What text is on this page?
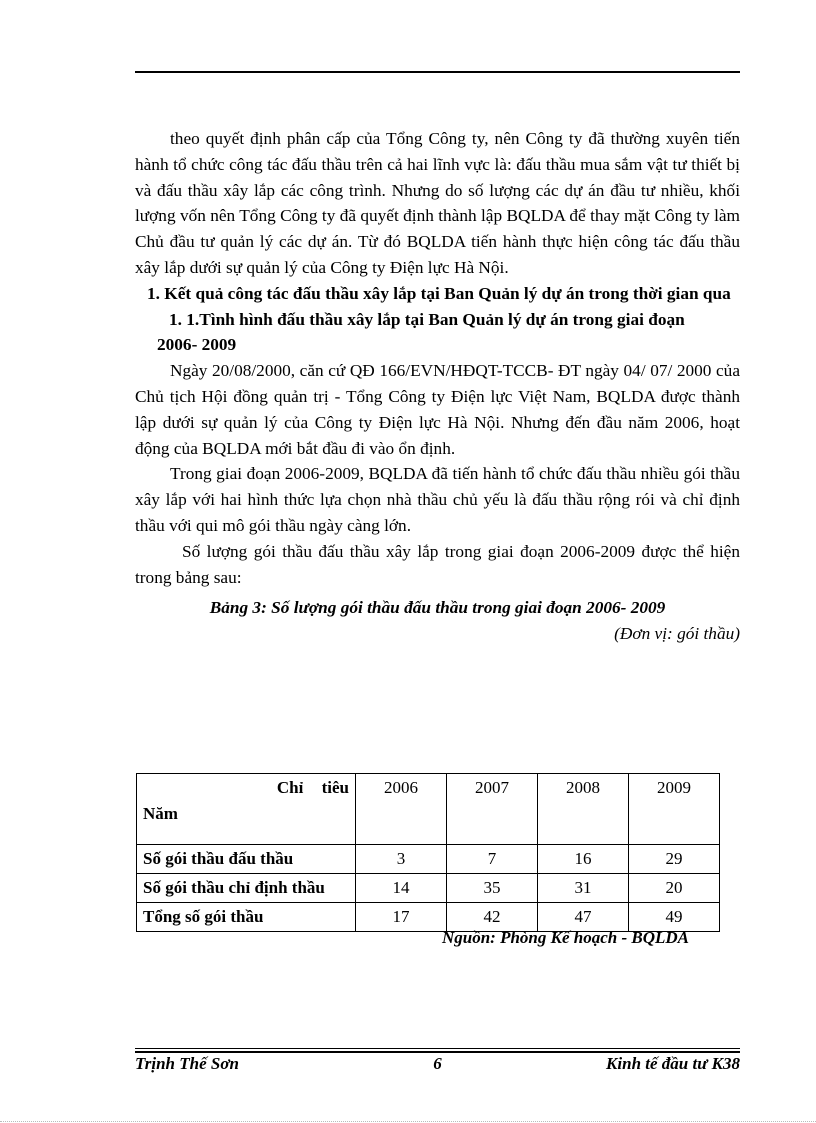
theo quyết định phân cấp của Tổng Công ty, nên Công ty đã thường xuyên tiến hành tổ chức công tác đấu thầu trên cả hai lĩnh vực là: đấu thầu mua sắm vật tư thiết bị và đấu thầu xây lắp các công trình. Nhưng do số lượng các dự án đầu tư nhiều, khối lượng vốn nên Tổng Công ty đã quyết định thành lập BQLDA để thay mặt Công ty làm Chủ đầu tư quản lý các dự án. Từ đó BQLDA tiến hành thực hiện công tác đấu thầu xây lắp dưới sự quản lý của Công ty Điện lực Hà Nội.

1. Kết quả công tác đấu thầu xây lắp tại Ban Quản lý dự án trong thời gian qua

1. 1.Tình hình đấu thầu xây lắp tại Ban Quản lý dự án trong giai đoạn
2006- 2009

Ngày 20/08/2000, căn cứ QĐ 166/EVN/HĐQT-TCCB- ĐT ngày 04/ 07/ 2000 của Chủ tịch Hội đồng quản trị - Tổng Công ty Điện lực Việt Nam, BQLDA được thành lập dưới sự quản lý của Công ty Điện lực Hà Nội. Nhưng đến đầu năm 2006, hoạt động của BQLDA mới bắt đầu đi vào ổn định.

Trong giai đoạn 2006-2009, BQLDA đã tiến hành tổ chức đấu thầu nhiều gói thầu xây lắp với hai hình thức lựa chọn nhà thầu chủ yếu là đấu thầu rộng rói và chỉ định thầu với qui mô gói thầu ngày càng lớn.

Số lượng gói thầu đấu thầu xây lắp trong giai đoạn 2006-2009 được thể hiện trong bảng sau:

Bảng 3: Số lượng gói thầu đấu thầu trong giai đoạn 2006- 2009

(Đơn vị: gói thầu)

Chỉ tiêu
Năm	2006	2007	2008	2009
Số gói thầu đấu thầu	3	7	16	29
Số gói thầu chỉ định thầu	14	35	31	20
Tổng số gói thầu	17	42	47	49
Nguồn: Phòng Kế hoạch - BQLDA
Trịnh Thế Sơn	6	Kinh tế đầu tư K38
